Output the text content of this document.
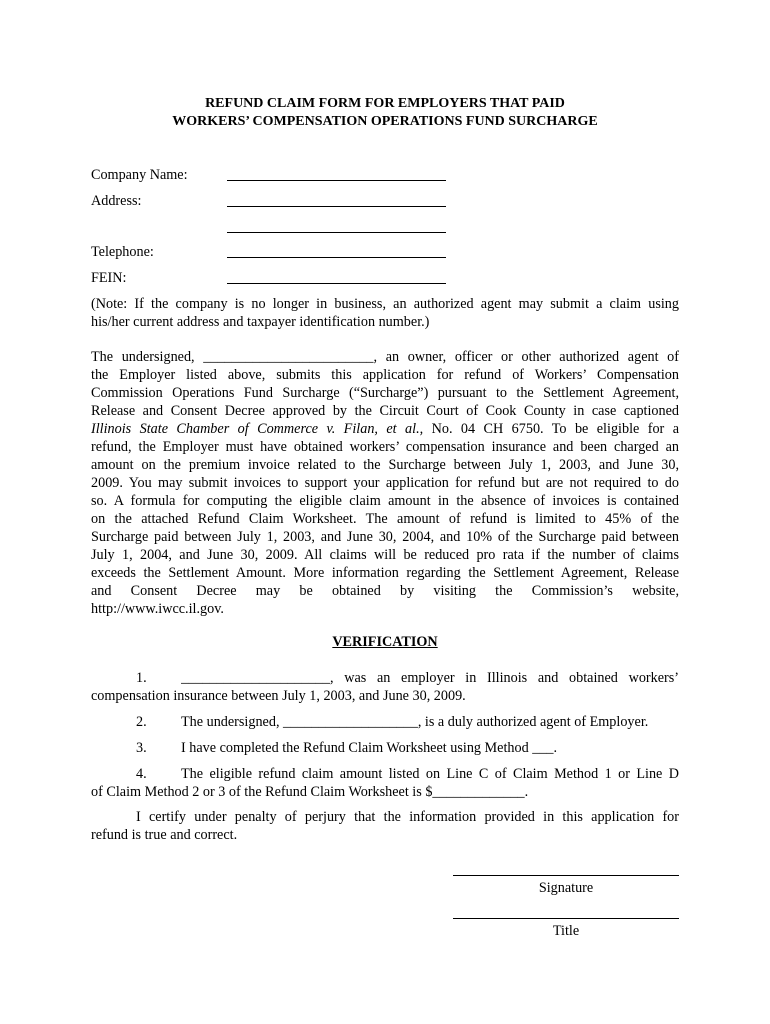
REFUND CLAIM FORM FOR EMPLOYERS THAT PAID
WORKERS’ COMPENSATION OPERATIONS FUND SURCHARGE
Company Name:
Address:
Telephone:
FEIN:
(Note: If the company is no longer in business, an authorized agent may submit a claim using
his/her current address and taxpayer identification number.)
The undersigned, ________________________, an owner, officer or other authorized agent of
the Employer listed above, submits this application for refund of Workers’ Compensation
Commission Operations Fund Surcharge (“Surcharge”) pursuant to the Settlement Agreement,
Release and Consent Decree approved by the Circuit Court of Cook County in case captioned
Illinois State Chamber of Commerce v. Filan, et al., No. 04 CH 6750. To be eligible for a
refund, the Employer must have obtained workers’ compensation insurance and been charged an
amount on the premium invoice related to the Surcharge between July 1, 2003, and June 30,
2009. You may submit invoices to support your application for refund but are not required to do
so. A formula for computing the eligible claim amount in the absence of invoices is contained
on the attached Refund Claim Worksheet. The amount of refund is limited to 45% of the
Surcharge paid between July 1, 2003, and June 30, 2004, and 10% of the Surcharge paid between
July 1, 2004, and June 30, 2009. All claims will be reduced pro rata if the number of claims
exceeds the Settlement Amount. More information regarding the Settlement Agreement, Release
and Consent Decree may be obtained by visiting the Commission’s website,
http://www.iwcc.il.gov.
VERIFICATION
1. _____________________, was an employer in Illinois and obtained workers’
compensation insurance between July 1, 2003, and June 30, 2009.
2. The undersigned, ___________________, is a duly authorized agent of Employer.
3. I have completed the Refund Claim Worksheet using Method ___.
4. The eligible refund claim amount listed on Line C of Claim Method 1 or Line D
of Claim Method 2 or 3 of the Refund Claim Worksheet is $_____________.
I certify under penalty of perjury that the information provided in this application for
refund is true and correct.
Signature
Title
